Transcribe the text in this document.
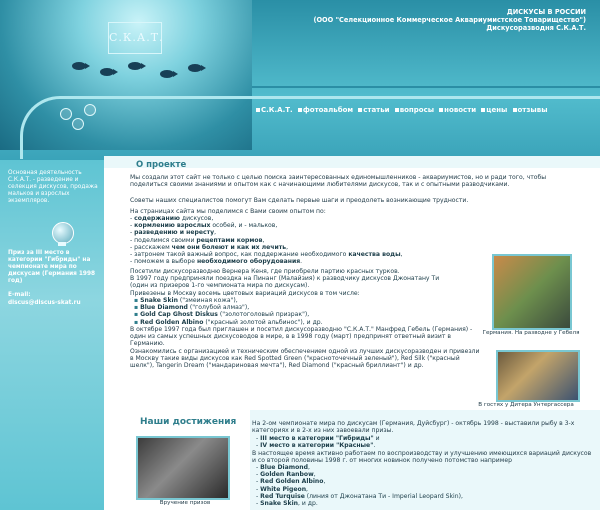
С.К.А.Т.
ДИСКУСЫ В РОССИИ
(ООО "Селекционное Коммерческое Аквариумистское Товарищество")
Дискусоразводня С.К.А.Т.
С.К.А.Т. фотоальбом статьи вопросы новости цены отзывы
Основная деятельность С.К.А.Т. - разведение и селекция дискусов, продажа мальков и взрослых экземпляров.
Приз за III место в категории "Гибриды" на чемпионате мира по дискусам (Германия 1998 год)
E-mail:
discus@discus-skat.ru
О проекте
Мы создали этот сайт не только с целью поиска заинтересованных единомышленников - аквариумистов, но и ради того, чтобы поделиться своими знаниями и опытом как с начинающими любителями дискусов, так и с опытными разводчиками.
Советы наших специалистов помогут Вам сделать первые шаги и преодолеть возникающие трудности.
На страницах сайта мы поделимся с Вами своим опытом по:
- содержанию дискусов,
- кормлению взрослых особей, и - мальков,
- разведению и нересту,
- поделимся своими рецептами кормов,
- расскажем чем они болеют и как их лечить,
- затронем такой важный вопрос, как поддержание необходимого качества воды,
- поможем в выборе необходимого оборудования.
Посетили дискусоразводню Вернера Кеня, где приобрели партию красных турков.
В 1997 году предприняли поездка на Пинанг (Малайзия) к разводчику дискусов Джонатану Ти
(один из призеров 1-го чемпионата мира по дискусам).
Привезены в Москву восемь цветовых вариаций дискусов в том числе:
▪ Snake Skin ("змеиная кожа"),
▪ Blue Diamond ("голубой алмаз"),
▪ Gold Cap Ghost Diskus ("золотоголовый призрак"),
▪ Red Golden Albino ("красный золотой альбинос"), и др.
В октябре 1997 года был приглашен и посетил дискусоразводню "С.К.А.Т." Манфред Гебель (Германия) - один из самых успешных дискусоводов в мире, в в 1998 году (март) предпринят ответный визит в Германию.
Ознакомились с организацией и техническим обеспечением одной из лучших дискусоразводен и привезли в Москву такие виды дискусов как Red Spotted Green ("красноточечный зеленый"), Red Silk ("красный шелк"), Tangerin Dream ("мандариновая мечта"), Red Diamond ("красный бриллиант") и др.
Германия. На разводне у Гебеля
В гостях у Дитера Унтергассера
Наши достижения
Вручение призов
На 2-ом чемпионате мира по дискусам (Германия, Дуйсбург) - октябрь 1998 - выставили рыбу в 3-х категориях и в 2-х из них завоевали призы.
- III место в категории "Гибриды" и
- IV место в категории "Красные".
В настоящее время активно работаем по воспроизводству и улучшению имеющихся вариаций дискусов и со второй половины 1998 г. от многих новинок получено потомство например
- Blue Diamond,
- Golden Ranbow,
- Red Golden Albino,
- White Pigeon,
- Red Turquise (линия от Джонатана Ти - Imperial Leopard Skin),
- Snake Skin, и др.
